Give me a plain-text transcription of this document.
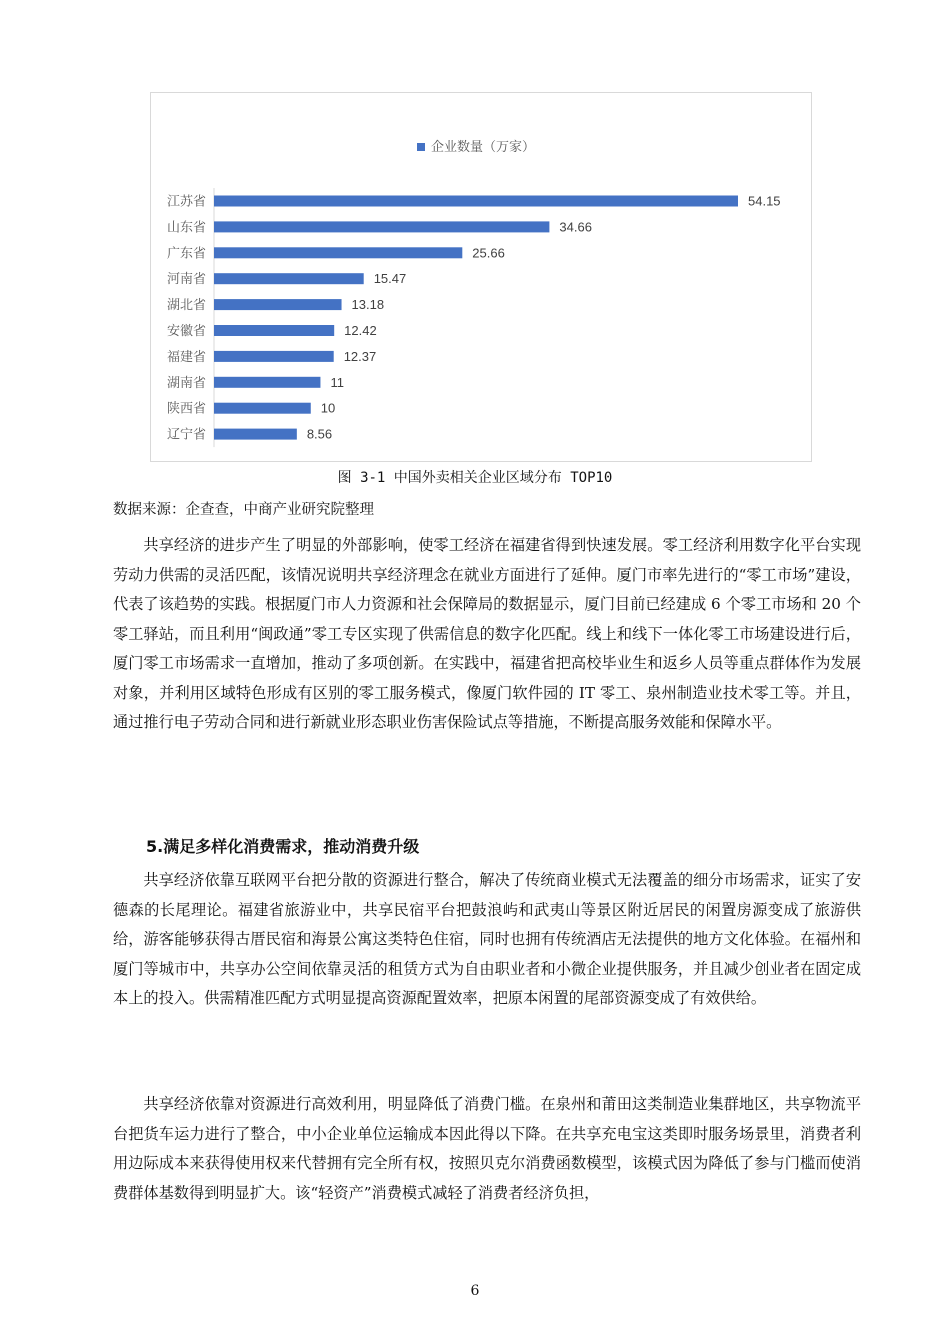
企业数量（万家）
江苏省	54.15
山东省	34.66
广东省	25.66
河南省	15.47
湖北省	13.18
安徽省	12.42
福建省	12.37
湖南省	11
陕西省	10
辽宁省	8.56
图 3-1 中国外卖相关企业区域分布 TOP10
数据来源：企查查，中商产业研究院整理

共享经济的进步产生了明显的外部影响，使零工经济在福建省得到快速发展。零工经济利用数字化平台实现劳动力供需的灵活匹配，该情况说明共享经济理念在就业方面进行了延伸。厦门市率先进行的“零工市场”建设，代表了该趋势的实践。根据厦门市人力资源和社会保障局的数据显示，厦门目前已经建成 6 个零工市场和 20 个零工驿站，而且利用“闽政通”零工专区实现了供需信息的数字化匹配。线上和线下一体化零工市场建设进行后，厦门零工市场需求一直增加，推动了多项创新。在实践中，福建省把高校毕业生和返乡人员等重点群体作为发展对象，并利用区域特色形成有区别的零工服务模式，像厦门软件园的 IT 零工、泉州制造业技术零工等。并且，通过推行电子劳动合同和进行新就业形态职业伤害保险试点等措施，不断提高服务效能和保障水平。

5.满足多样化消费需求，推动消费升级

共享经济依靠互联网平台把分散的资源进行整合，解决了传统商业模式无法覆盖的细分市场需求，证实了安德森的长尾理论。福建省旅游业中，共享民宿平台把鼓浪屿和武夷山等景区附近居民的闲置房源变成了旅游供给，游客能够获得古厝民宿和海景公寓这类特色住宿，同时也拥有传统酒店无法提供的地方文化体验。在福州和厦门等城市中，共享办公空间依靠灵活的租赁方式为自由职业者和小微企业提供服务，并且减少创业者在固定成本上的投入。供需精准匹配方式明显提高资源配置效率，把原本闲置的尾部资源变成了有效供给。

共享经济依靠对资源进行高效利用，明显降低了消费门槛。在泉州和莆田这类制造业集群地区，共享物流平台把货车运力进行了整合，中小企业单位运输成本因此得以下降。在共享充电宝这类即时服务场景里，消费者利用边际成本来获得使用权来代替拥有完全所有权，按照贝克尔消费函数模型，该模式因为降低了参与门槛而使消费群体基数得到明显扩大。该“轻资产”消费模式减轻了消费者经济负担，

6
